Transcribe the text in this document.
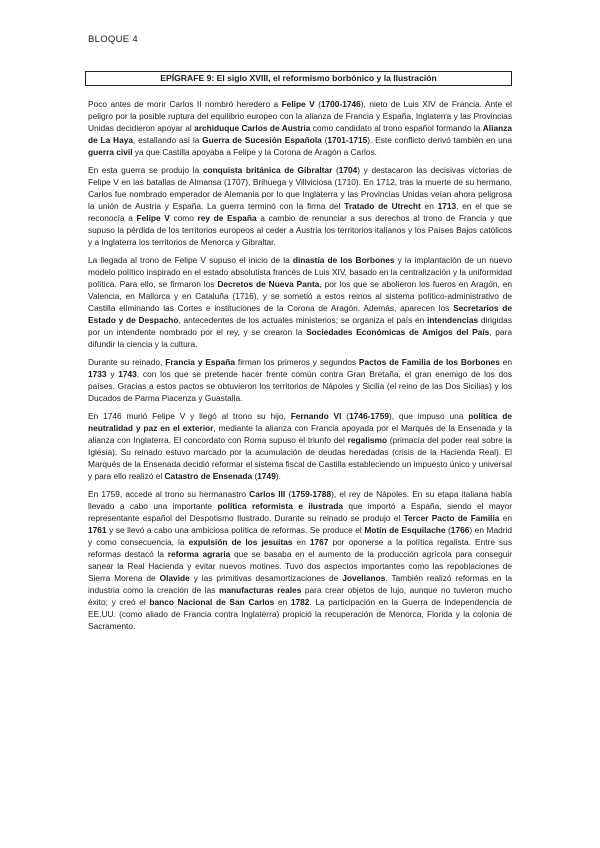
BLOQUE 4
EPÍGRAFE 9: El siglo XVIII, el reformismo borbónico y la Ilustración

Poco antes de morir Carlos II nombró heredero a Felipe V (1700-1746), nieto de Luis XIV de Francia. Ante el peligro por la posible ruptura del equilibrio europeo con la alianza de Francia y España, Inglaterra y las Provincias Unidas decidieron apoyar al archiduque Carlos de Austria como candidato al trono español formando la Alianza de La Haya, estallando así la Guerra de Sucesión Española (1701-1715). Este conflicto derivó también en una guerra civil ya que Castilla apoyaba a Felipe y la Corona de Aragón a Carlos.

En esta guerra se produjo la conquista británica de Gibraltar (1704) y destacaron las decisivas victorias de Felipe V en las batallas de Almansa (1707), Brihuega y Villviciosa (1710). En 1712, tras la muerte de su hermano, Carlos fue nombrado emperador de Alemania por lo que Inglaterra y las Provincias Unidas veían ahora peligrosa la unión de Austria y España. La guerra terminó con la firma del Tratado de Utrecht en 1713, en el que se reconocía a Felipe V como rey de España a cambio de renunciar a sus derechos al trono de Francia y que supuso la pérdida de los territorios europeos al ceder a Austria los territorios italianos y los Países Bajos católicos y a Inglaterra los territorios de Menorca y Gibraltar.

La llegada al trono de Felipe V supuso el inicio de la dinastía de los Borbones y la implantación de un nuevo modelo político inspirado en el estado absolutista francés de Luis XIV, basado en la centralización y la uniformidad política. Para ello, se firmaron los Decretos de Nueva Panta, por los que se abolieron los fueros en Aragón, en Valencia, en Mallorca y en Cataluña (1716), y se sometió a estos reinos al sistema político-administrativo de Castilla eliminando las Cortes e instituciones de la Corona de Aragón. Además, aparecen los Secretarios de Estado y de Despacho, antecedentes de los actuales ministerios; se organiza el país en intendencias dirigidas por un intendente nombrado por el rey, y se crearon la Sociedades Económicas de Amigos del País, para difundir la ciencia y la cultura.

Durante su reinado, Francia y España firman los primeros y segundos Pactos de Familia de los Borbones en 1733 y 1743, con los que se pretende hacer frente común contra Gran Bretaña, el gran enemigo de los dos países. Gracias a estos pactos se obtuvieron los territorios de Nápoles y Sicilia (el reino de las Dos Sicilias) y los Ducados de Parma Piacenza y Guastalla.

En 1746 murió Felipe V y llegó al trono su hijo, Fernando VI (1746-1759), que impuso una política de neutralidad y paz en el exterior, mediante la alianza con Francia apoyada por el Marqués de la Ensenada y la alianza con Inglaterra. El concordato con Roma supuso el triunfo del regalismo (primacía del poder real sobre la Iglesia). Su reinado estuvo marcado por la acumulación de deudas heredadas (crisis de la Hacienda Real). El Marqués de la Ensenada decidió reformar el sistema fiscal de Castilla estableciendo un impuesto único y universal y para ello realizó el Catastro de Ensenada (1749).

En 1759, accede al trono su hermanastro Carlos III (1759-1788), el rey de Nápoles. En su etapa italiana había llevado a cabo una importante política reformista e ilustrada que importó a España, siendo el mayor representante español del Despotismo Ilustrado. Durante su reinado se produjo el Tercer Pacto de Familia en 1761 y se llevó a cabo una ambiciosa política de reformas. Se produce el Motín de Esquilache (1766) en Madrid y como consecuencia, la expulsión de los jesuitas en 1767 por oponerse a la política regalista. Entre sus reformas destacó la reforma agraria que se basaba en el aumento de la producción agrícola para conseguir sanear la Real Hacienda y evitar nuevos motines. Tuvo dos aspectos importantes como las repoblaciones de Sierra Morena de Olavide y las primitivas desamortizaciones de Jovellanos. También realizó reformas en la industria como la creación de las manufacturas reales para crear objetos de lujo, aunque no tuvieron mucho éxito; y creó el banco Nacional de San Carlos en 1782. La participación en la Guerra de Independencia de EE.UU. (como aliado de Francia contra Inglaterra) propició la recuperación de Menorca, Florida y la colonia de Sacramento.
